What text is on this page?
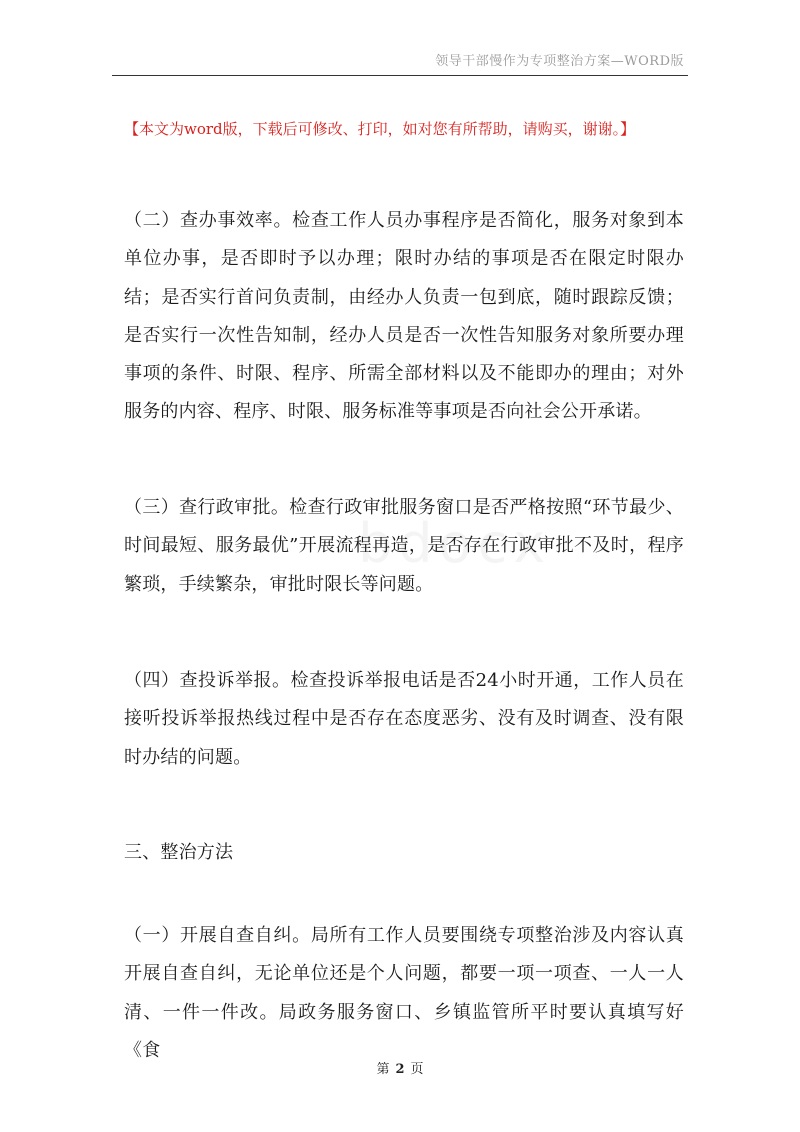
领导干部慢作为专项整治方案—WORD版
【本文为word版，下载后可修改、打印，如对您有所帮助，请购买，谢谢。】
（二）查办事效率。检查工作人员办事程序是否简化，服务对象到本单位办事，是否即时予以办理；限时办结的事项是否在限定时限办结；是否实行首问负责制，由经办人负责一包到底，随时跟踪反馈；是否实行一次性告知制，经办人员是否一次性告知服务对象所要办理事项的条件、时限、程序、所需全部材料以及不能即办的理由；对外服务的内容、程序、时限、服务标准等事项是否向社会公开承诺。
（三）查行政审批。检查行政审批服务窗口是否严格按照“环节最少、时间最短、服务最优”开展流程再造，是否存在行政审批不及时，程序繁琐，手续繁杂，审批时限长等问题。
（四）查投诉举报。检查投诉举报电话是否24小时开通，工作人员在接听投诉举报热线过程中是否存在态度恶劣、没有及时调查、没有限时办结的问题。
三、整治方法
（一）开展自查自纠。局所有工作人员要围绕专项整治涉及内容认真开展自查自纠，无论单位还是个人问题，都要一项一项查、一人一人清、一件一件改。局政务服务窗口、乡镇监管所平时要认真填写好《食
第 2 页
